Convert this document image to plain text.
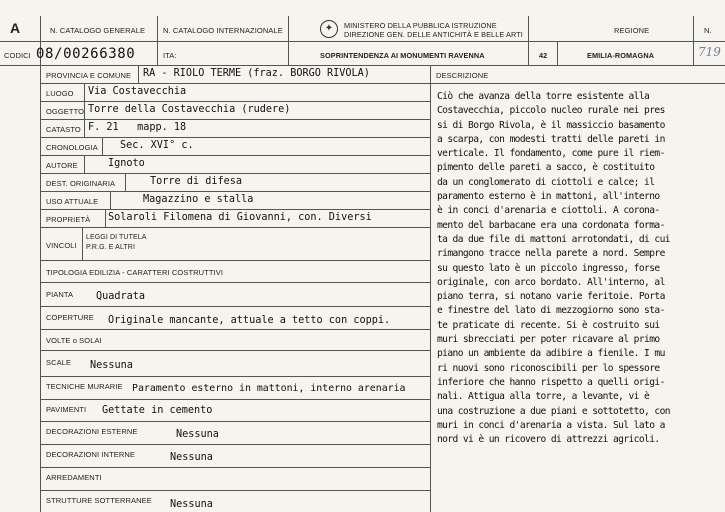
A	N. CATALOGO GENERALE N. CATALOGO INTERNAZIONALE	✦ MINISTERO DELLA PUBBLICA ISTRUZIONE
DIREZIONE GEN. DELLE ANTICHITÀ E BELLE ARTI	REGIONE	N.
CODICI 08/00266380	ITA:	SOPRINTENDENZA AI MONUMENTI RAVENNA	42	EMILIA-ROMAGNA	719
PROVINCIA E COMUNE RA - RIOLO TERME (fraz. BORGO RIVOLA)
LUOGO Via Costavecchia
OGGETTO Torre della Costavecchia (rudere)
CATASTO F. 21   mapp. 18
CRONOLOGIA Sec. XVI° c.
AUTORE	Ignoto
DEST. ORIGINARIA	Torre di difesa
USO ATTUALE	Magazzino e stalla
PROPRIETÀ Solaroli Filomena di Giovanni, con. Diversi
VINCOLI
LEGGI DI TUTELA
P.R.G. E ALTRI
TIPOLOGIA EDILIZIA - CARATTERI COSTRUTTIVI
PIANTA Quadrata
COPERTURE Originale mancante, attuale a tetto con coppi.
VOLTE o SOLAI
SCALE Nessuna
TECNICHE MURARIE Paramento esterno in mattoni, interno arenaria
PAVIMENTI Gettate in cemento
DECORAZIONI ESTERNE	Nessuna
DECORAZIONI INTERNE	Nessuna
ARREDAMENTI
STRUTTURE SOTTERRANEE Nessuna
DESCRIZIONE
Ciò che avanza della torre esistente alla
Costavecchia, piccolo nucleo rurale nei pres
si di Borgo Rivola, è il massiccio basamento
a scarpa, con modesti tratti delle pareti in
verticale. Il fondamento, come pure il riem-
pimento delle pareti a sacco, è costituito
da un conglomerato di ciottoli e calce; il
paramento esterno è in mattoni, all'interno
è in conci d'arenaria e ciottoli. A corona-
mento del barbacane era una cordonata forma-
ta da due file di mattoni arrotondati, di cui
rimangono tracce nella parete a nord. Sempre
su questo lato è un piccolo ingresso, forse
originale, con arco bordato. All'interno, al
piano terra, si notano varie feritoie. Porta
e finestre del lato di mezzogiorno sono sta-
te praticate di recente. Si è costruito sui
muri sbrecciati per poter ricavare al primo
piano un ambiente da adibire a fienile. I mu
ri nuovi sono riconoscibili per lo spessore
inferiore che hanno rispetto a quelli origi-
nali. Attigua alla torre, a levante, vi è
una costruzione a due piani e sottotetto, con
muri in conci d'arenaria a vista. Sul lato a
nord vi è un ricovero di attrezzi agricoli.
